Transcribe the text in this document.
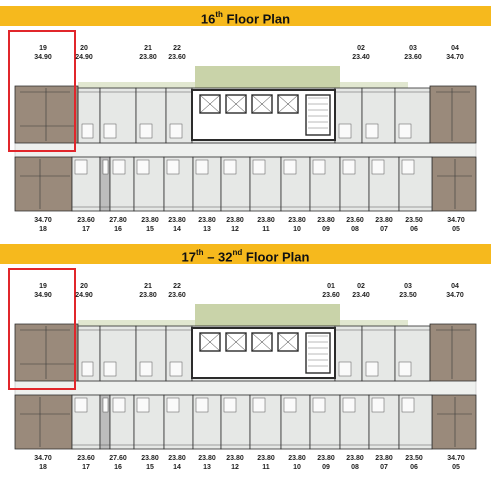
16th Floor Plan
19
34.90
20
24.90
21
23.80
22
23.60
02
23.40
03
23.60
04
34.70
34.70
18
23.60
17
27.80
16
23.80
15
23.80
14
23.80
13
23.80
12
23.80
11
23.80
10
23.80
09
23.60
08
23.80
07
23.50
06
34.70
05
17th – 32nd Floor Plan
19
34.90
20
24.90
21
23.80
22
23.60
01
23.60
02
23.40
03
23.50
04
34.70
34.70
18
23.60
17
27.60
16
23.80
15
23.80
14
23.80
13
23.80
12
23.80
11
23.80
10
23.80
09
23.80
08
23.80
07
23.50
06
34.70
05
